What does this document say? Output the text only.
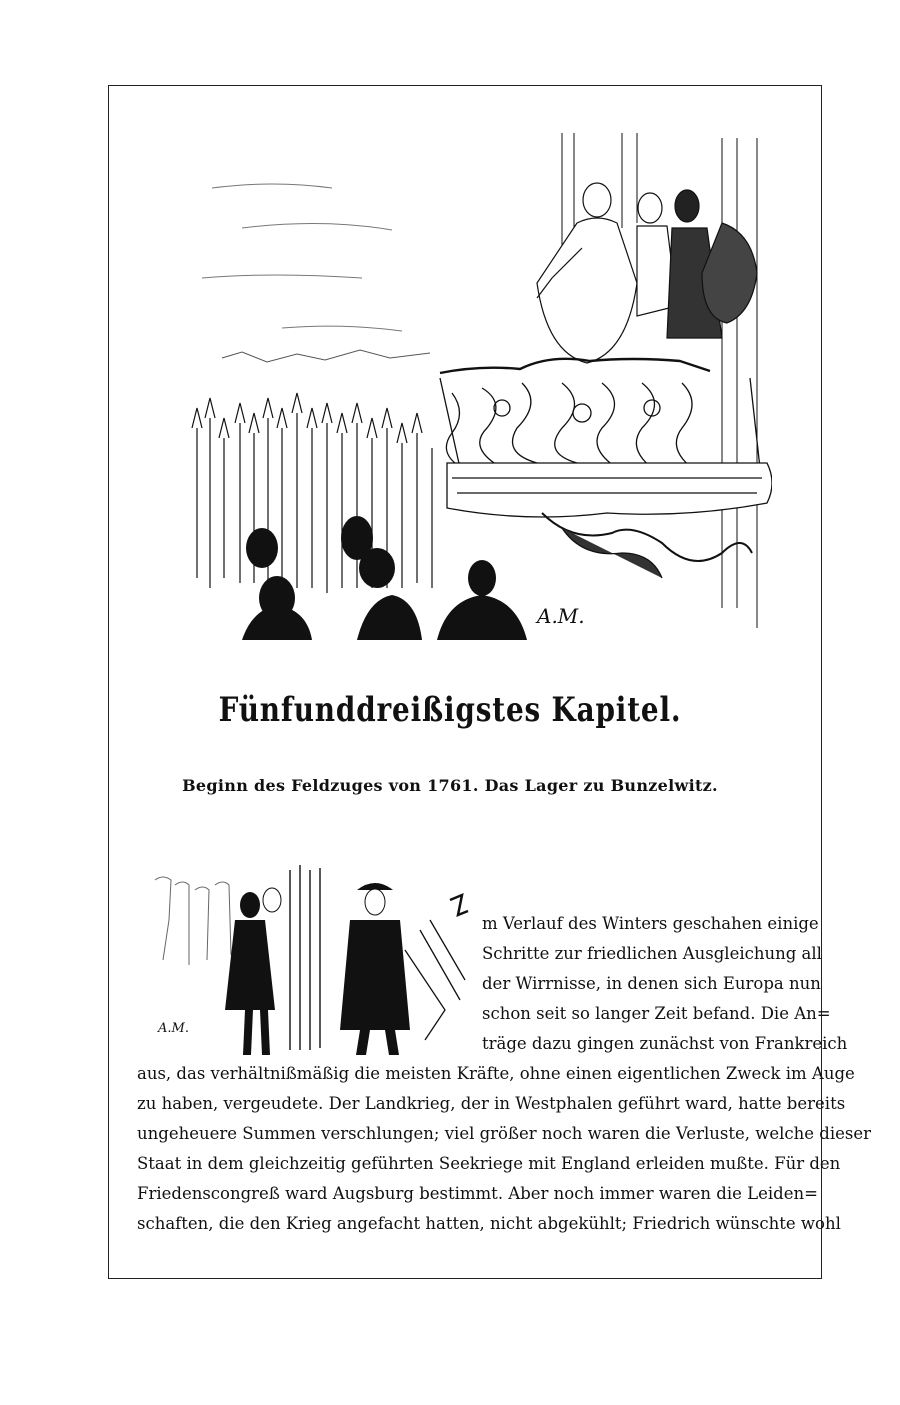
A.M.
Fünfunddreißigstes Kapitel.
Beginn des Feldzuges von 1761. Das Lager zu Bunzelwitz.
A.M.
m Verlauf des Winters geschahen einige
Schritte zur friedlichen Ausgleichung all
der Wirrnisse, in denen sich Europa nun
schon seit so langer Zeit befand. Die An=
träge dazu gingen zunächst von Frankreich
aus, das verhältnißmäßig die meisten Kräfte, ohne einen eigentlichen Zweck im Auge
zu haben, vergeudete. Der Landkrieg, der in Westphalen geführt ward, hatte bereits
ungeheuere Summen verschlungen; viel größer noch waren die Verluste, welche dieser
Staat in dem gleichzeitig geführten Seekriege mit England erleiden mußte. Für den
Friedenscongreß ward Augsburg bestimmt. Aber noch immer waren die Leiden=
schaften, die den Krieg angefacht hatten, nicht abgekühlt; Friedrich wünschte wohl
